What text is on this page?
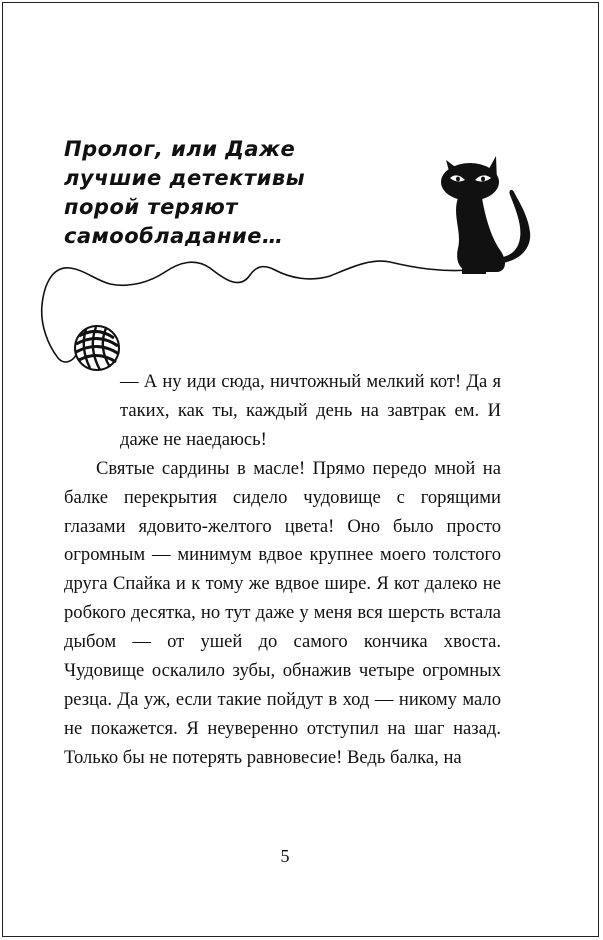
Пролог, или Даже
лучшие детективы
порой теряют
самообладание…

— А ну иди сюда, ничтожный мелкий кот! Да я таких, как ты, каждый день на завтрак ем. И даже не наедаюсь!

Святые сардины в масле! Прямо передо мной на балке перекрытия сидело чудовище с горящими глазами ядовито-желтого цвета! Оно было просто огромным — минимум вдвое крупнее моего толстого друга Спайка и к тому же вдвое шире. Я кот далеко не робкого десятка, но тут даже у меня вся шерсть встала дыбом — от ушей до самого кончика хвоста. Чудовище оскалило зубы, обнажив четыре огромных резца. Да уж, если такие пойдут в ход — никому мало не покажется. Я неуверенно отступил на шаг назад. Только бы не потерять равновесие! Ведь балка, на

5
